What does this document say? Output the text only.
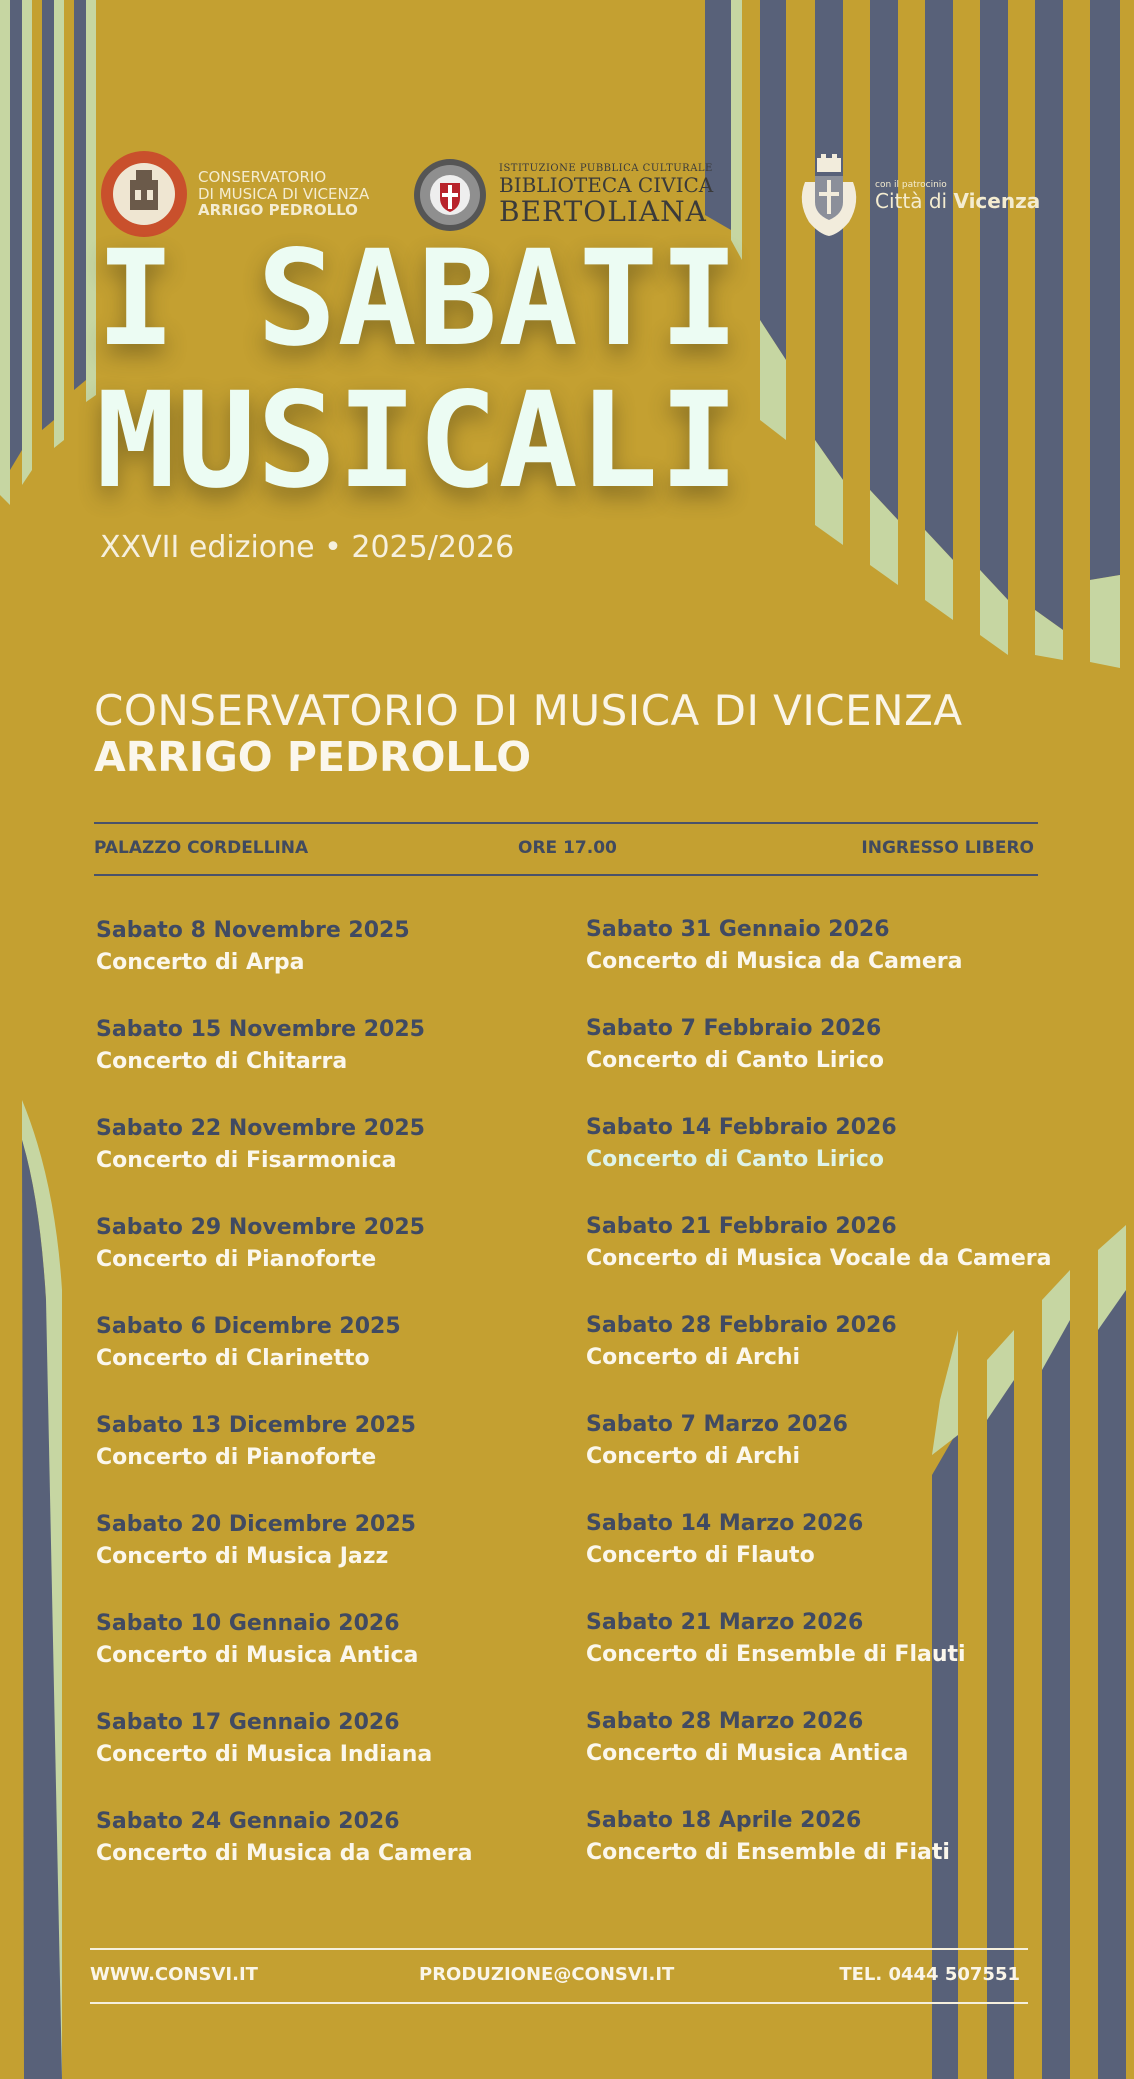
CONSERVATORIO
DI MUSICA DI VICENZA
ARRIGO PEDROLLO
ISTITUZIONE PUBBLICA CULTURALE
BIBLIOTECA CIVICA
BERTOLIANA
con il patrocinio
Città di Vicenza
I SABATI
MUSICALI
XXVII edizione • 2025/2026
CONSERVATORIO DI MUSICA DI VICENZA
ARRIGO PEDROLLO
PALAZZO CORDELLINA	ORE 17.00	INGRESSO LIBERO
Sabato 8 Novembre 2025
Concerto di Arpa
Sabato 15 Novembre 2025
Concerto di Chitarra
Sabato 22 Novembre 2025
Concerto di Fisarmonica
Sabato 29 Novembre 2025
Concerto di Pianoforte
Sabato 6 Dicembre 2025
Concerto di Clarinetto
Sabato 13 Dicembre 2025
Concerto di Pianoforte
Sabato 20 Dicembre 2025
Concerto di Musica Jazz
Sabato 10 Gennaio 2026
Concerto di Musica Antica
Sabato 17 Gennaio 2026
Concerto di Musica Indiana
Sabato 24 Gennaio 2026
Concerto di Musica da Camera
Sabato 31 Gennaio 2026
Concerto di Musica da Camera
Sabato 7 Febbraio 2026
Concerto di Canto Lirico
Sabato 14 Febbraio 2026
Concerto di Canto Lirico
Sabato 21 Febbraio 2026
Concerto di Musica Vocale da Camera
Sabato 28 Febbraio 2026
Concerto di Archi
Sabato 7 Marzo 2026
Concerto di Archi
Sabato 14 Marzo 2026
Concerto di Flauto
Sabato 21 Marzo 2026
Concerto di Ensemble di Flauti
Sabato 28 Marzo 2026
Concerto di Musica Antica
Sabato 18 Aprile 2026
Concerto di Ensemble di Fiati
WWW.CONSVI.IT	PRODUZIONE@CONSVI.IT	TEL. 0444 507551
